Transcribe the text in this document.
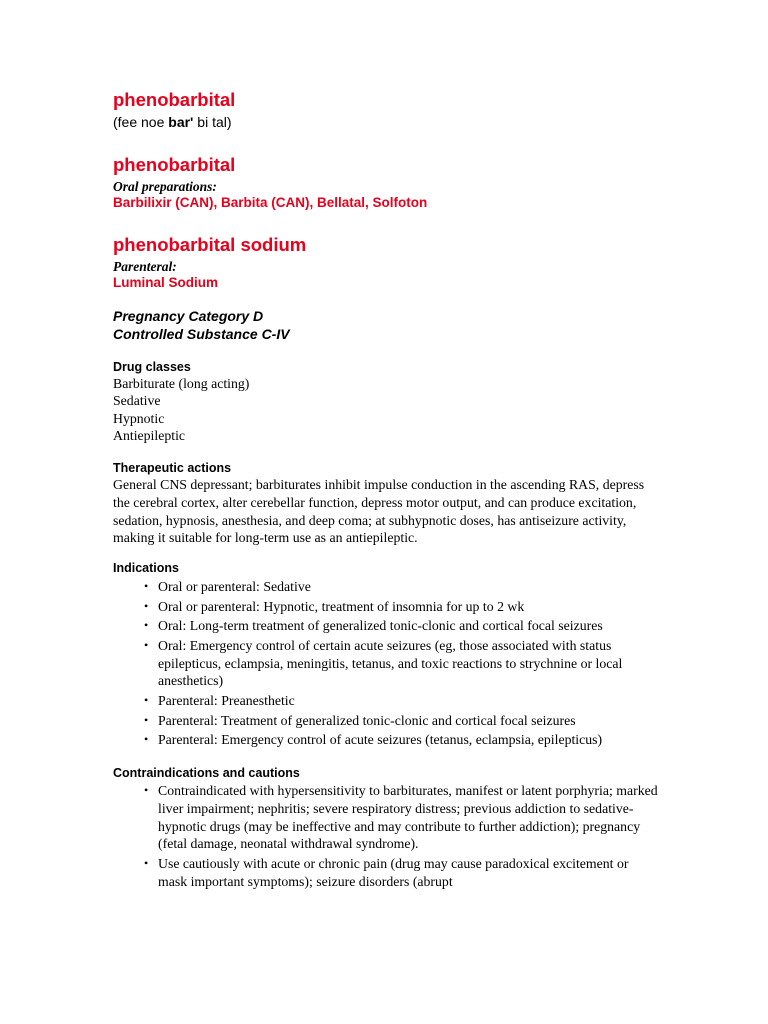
phenobarbital
(fee noe bar' bi tal)
phenobarbital
Oral preparations:
Barbilixir (CAN), Barbita (CAN), Bellatal, Solfoton
phenobarbital sodium
Parenteral:
Luminal Sodium
Pregnancy Category D
Controlled Substance C-IV
Drug classes
Barbiturate (long acting)
Sedative
Hypnotic
Antiepileptic
Therapeutic actions
General CNS depressant; barbiturates inhibit impulse conduction in the ascending RAS, depress the cerebral cortex, alter cerebellar function, depress motor output, and can produce excitation, sedation, hypnosis, anesthesia, and deep coma; at subhypnotic doses, has antiseizure activity, making it suitable for long-term use as an antiepileptic.
Indications
• Oral or parenteral: Sedative
• Oral or parenteral: Hypnotic, treatment of insomnia for up to 2 wk
• Oral: Long-term treatment of generalized tonic-clonic and cortical focal seizures
• Oral: Emergency control of certain acute seizures (eg, those associated with status epilepticus, eclampsia, meningitis, tetanus, and toxic reactions to strychnine or local anesthetics)
• Parenteral: Preanesthetic
• Parenteral: Treatment of generalized tonic-clonic and cortical focal seizures
• Parenteral: Emergency control of acute seizures (tetanus, eclampsia, epilepticus)
Contraindications and cautions
• Contraindicated with hypersensitivity to barbiturates, manifest or latent porphyria; marked liver impairment; nephritis; severe respiratory distress; previous addiction to sedative-hypnotic drugs (may be ineffective and may contribute to further addiction); pregnancy (fetal damage, neonatal withdrawal syndrome).
• Use cautiously with acute or chronic pain (drug may cause paradoxical excitement or mask important symptoms); seizure disorders (abrupt
